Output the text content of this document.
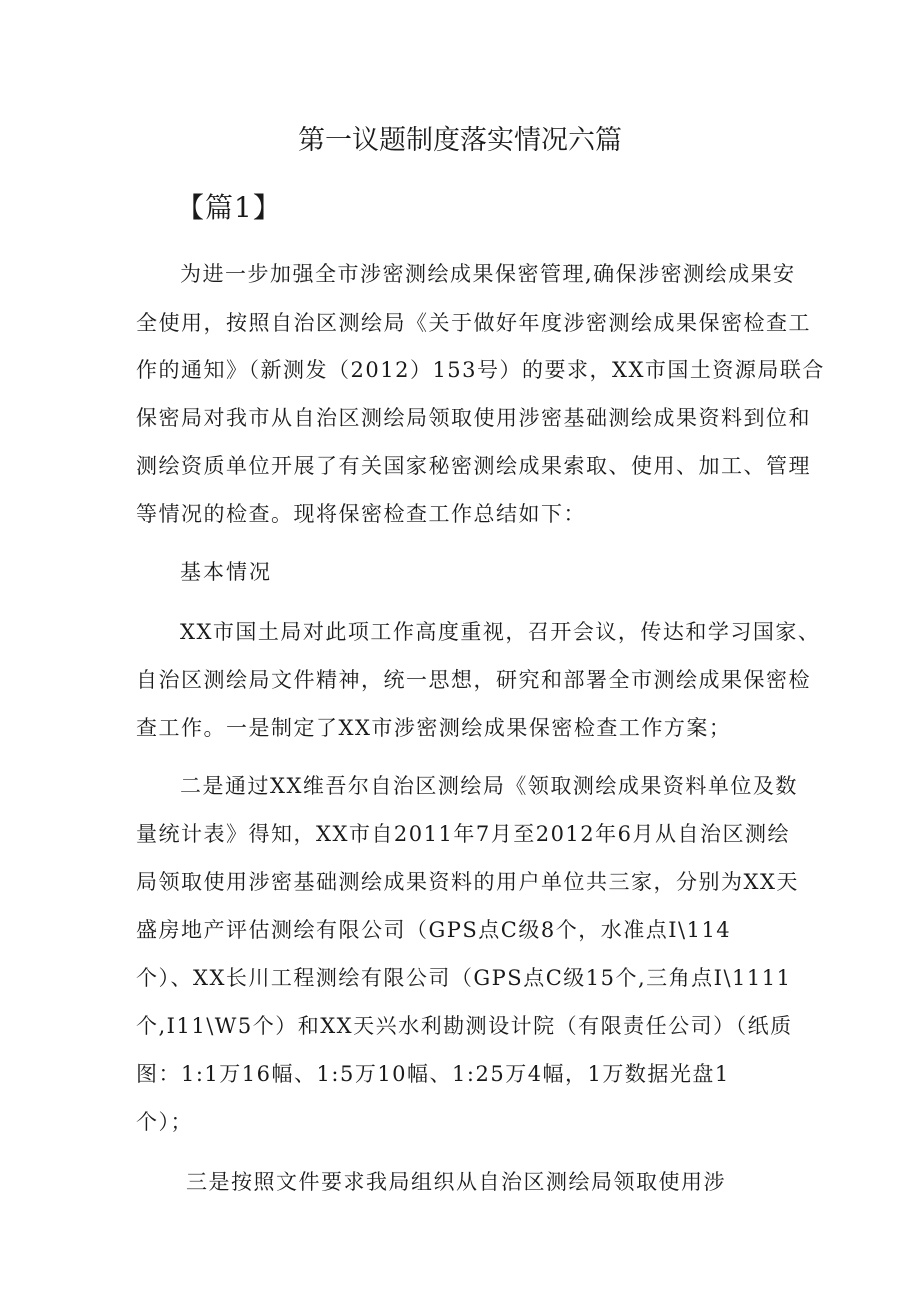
第一议题制度落实情况六篇
【篇1】

为进一步加强全市涉密测绘成果保密管理,确保涉密测绘成果安

全使用，按照自治区测绘局《关于做好年度涉密测绘成果保密检查工

作的通知》（新测发（2012）153号）的要求，XX市国土资源局联合

保密局对我市从自治区测绘局领取使用涉密基础测绘成果资料到位和

测绘资质单位开展了有关国家秘密测绘成果索取、使用、加工、管理

等情况的检查。现将保密检查工作总结如下：

基本情况

XX市国土局对此项工作高度重视，召开会议，传达和学习国家、

自治区测绘局文件精神，统一思想，研究和部署全市测绘成果保密检

查工作。一是制定了XX市涉密测绘成果保密检查工作方案；

二是通过XX维吾尔自治区测绘局《领取测绘成果资料单位及数

量统计表》得知，XX市自2011年7月至2012年6月从自治区测绘

局领取使用涉密基础测绘成果资料的用户单位共三家，分别为XX天

盛房地产评估测绘有限公司（GPS点C级8个，水准点I\114

个）、XX长川工程测绘有限公司（GPS点C级15个,三角点I\1111

个,I11\W5个）和XX天兴水利勘测设计院（有限责任公司）（纸质

图：1:1万16幅、1:5万10幅、1:25万4幅，1万数据光盘1

个）；

三是按照文件要求我局组织从自治区测绘局领取使用涉
